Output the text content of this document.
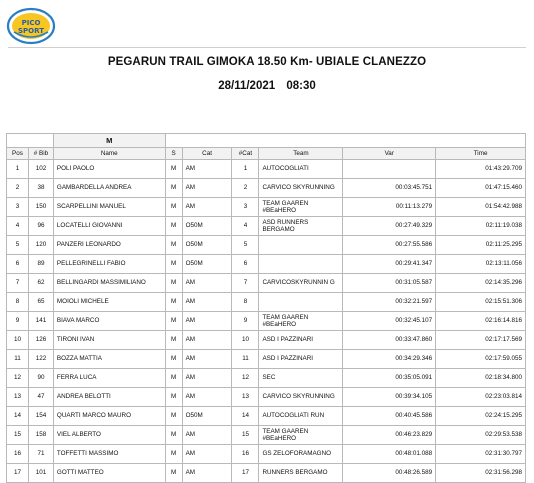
PICO
SPORT
PEGARUN TRAIL GIMOKA 18.50 Km- UBIALE CLANEZZO
28/11/2021 08:30
		M						
Pos	# Bib	Name	S	Cat	#Cat	Team	Var	Time
1	102	POLI PAOLO	M	AM	1	AUTOCOGLIATI		01:43:29.709
2	38	GAMBARDELLA ANDREA	M	AM	2	CARVICO SKYRUNNING	00:03:45.751	01:47:15.460
3	150	SCARPELLINI MANUEL	M	AM	3	TEAM GAAREN #BEaHERO	00:11:13.279	01:54:42.988
4	96	LOCATELLI GIOVANNI	M	O50M	4	ASD RUNNERS BERGAMO	00:27:49.329	02:11:19.038
5	120	PANZERI LEONARDO	M	O50M	5		00:27:55.586	02:11:25.295
6	89	PELLEGRINELLI FABIO	M	O50M	6		00:29:41.347	02:13:11.056
7	62	BELLINGARDI MASSIMILIANO	M	AM	7	CARVICOSKYRUNNIN G	00:31:05.587	02:14:35.296
8	65	MOIOLI MICHELE	M	AM	8		00:32:21.597	02:15:51.306
9	141	BIAVA MARCO	M	AM	9	TEAM GAAREN #BEaHERO	00:32:45.107	02:16:14.816
10	126	TIRONI IVAN	M	AM	10	ASD I PAZZINARI	00:33:47.860	02:17:17.569
11	122	BOZZA MATTIA	M	AM	11	ASD I PAZZINARI	00:34:29.346	02:17:59.055
12	90	FERRA LUCA	M	AM	12	SEC	00:35:05.091	02:18:34.800
13	47	ANDREA BELOTTI	M	AM	13	CARVICO SKYRUNNING	00:39:34.105	02:23:03.814
14	154	QUARTI MARCO MAURO	M	O50M	14	AUTOCOGLIATI RUN	00:40:45.586	02:24:15.295
15	158	VIEL ALBERTO	M	AM	15	TEAM GAAREN #BEaHERO	00:46:23.829	02:29:53.538
16	71	TOFFETTI MASSIMO	M	AM	16	GS ZELOFORAMAGNO	00:48:01.088	02:31:30.797
17	101	GOTTI MATTEO	M	AM	17	RUNNERS BERGAMO	00:48:26.589	02:31:56.298
